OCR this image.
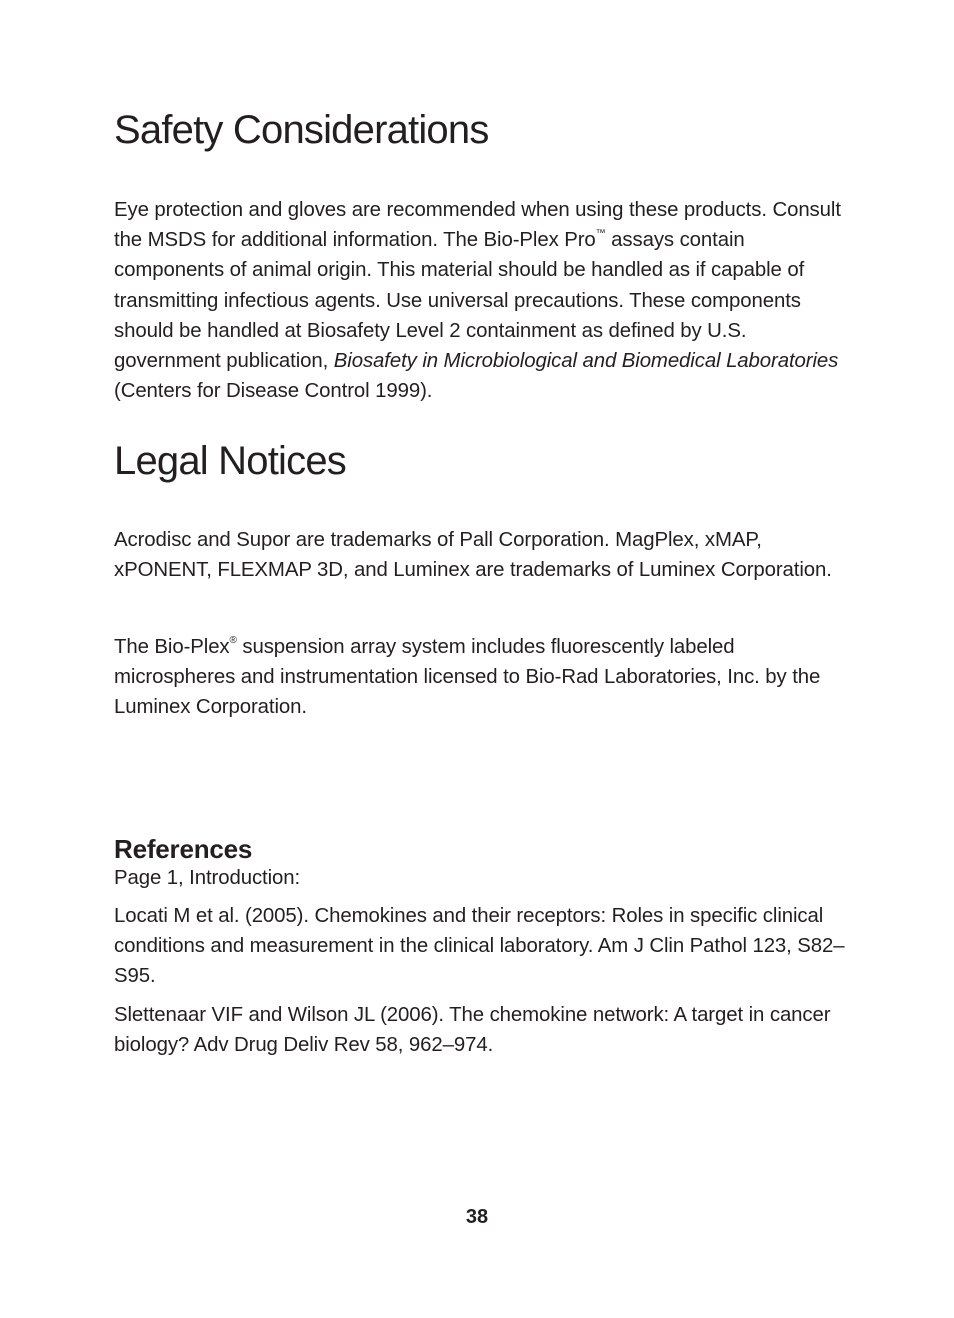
Safety Considerations

Eye protection and gloves are recommended when using these products. Consult the MSDS for additional information. The Bio-Plex Pro™ assays contain components of animal origin. This material should be handled as if capable of transmitting infectious agents. Use universal precautions. These components should be handled at Biosafety Level 2 containment as defined by U.S. government publication, Biosafety in Microbiological and Biomedical Laboratories (Centers for Disease Control 1999).

Legal Notices

Acrodisc and Supor are trademarks of Pall Corporation. MagPlex, xMAP, xPONENT, FLEXMAP 3D, and Luminex are trademarks of Luminex Corporation.

The Bio-Plex® suspension array system includes fluorescently labeled microspheres and instrumentation licensed to Bio-Rad Laboratories, Inc. by the Luminex Corporation.

References

Page 1, Introduction:

Locati M et al. (2005). Chemokines and their receptors: Roles in specific clinical conditions and measurement in the clinical laboratory. Am J Clin Pathol 123, S82–S95.

Slettenaar VIF and Wilson JL (2006). The chemokine network: A target in cancer biology? Adv Drug Deliv Rev 58, 962–974.

38
